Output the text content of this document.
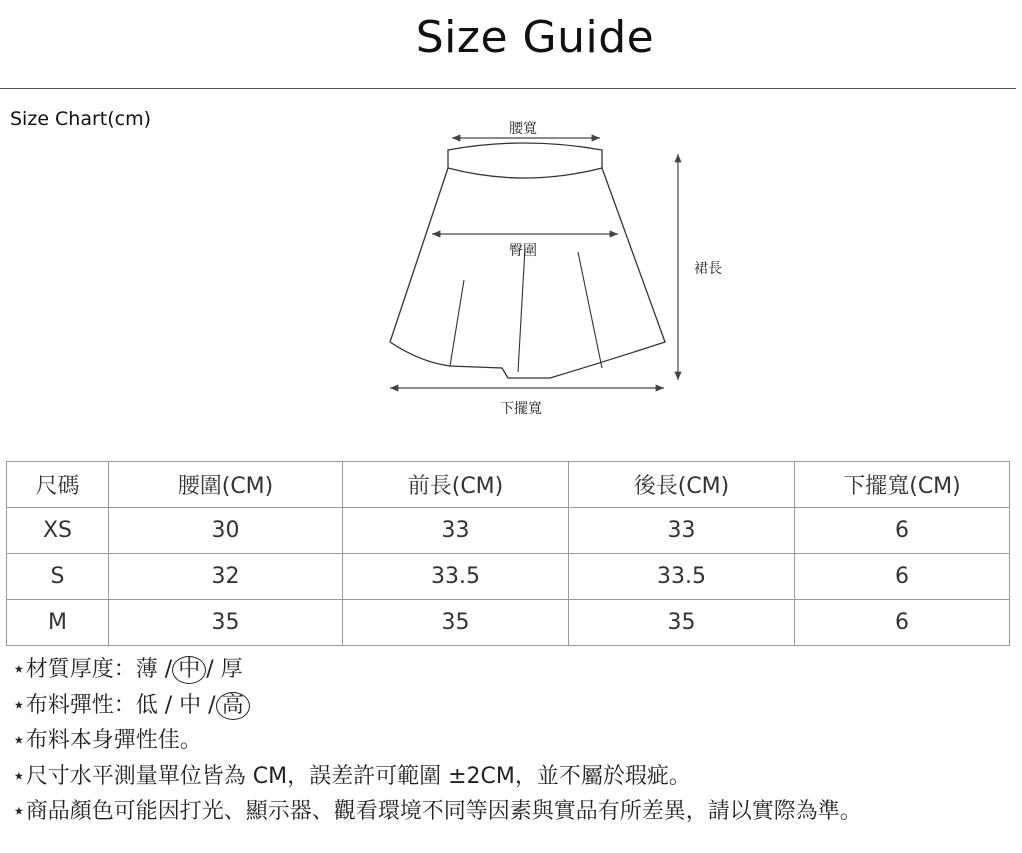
Size Guide
Size Chart(cm)	腰寬
臀圍
裙長
下擺寬
尺碼	腰圍(CM)	前長(CM)	後長(CM)	下擺寬(CM)
XS	30	33	33	6
S	32	33.5	33.5	6
M	35	35	35	6
⋆材質厚度：薄 / 中 / 厚
⋆布料彈性：低 / 中 / 高
⋆布料本身彈性佳。
⋆尺寸水平測量單位皆為 CM，誤差許可範圍 ±2CM，並不屬於瑕疵。
⋆商品顏色可能因打光、顯示器、觀看環境不同等因素與實品有所差異，請以實際為準。
